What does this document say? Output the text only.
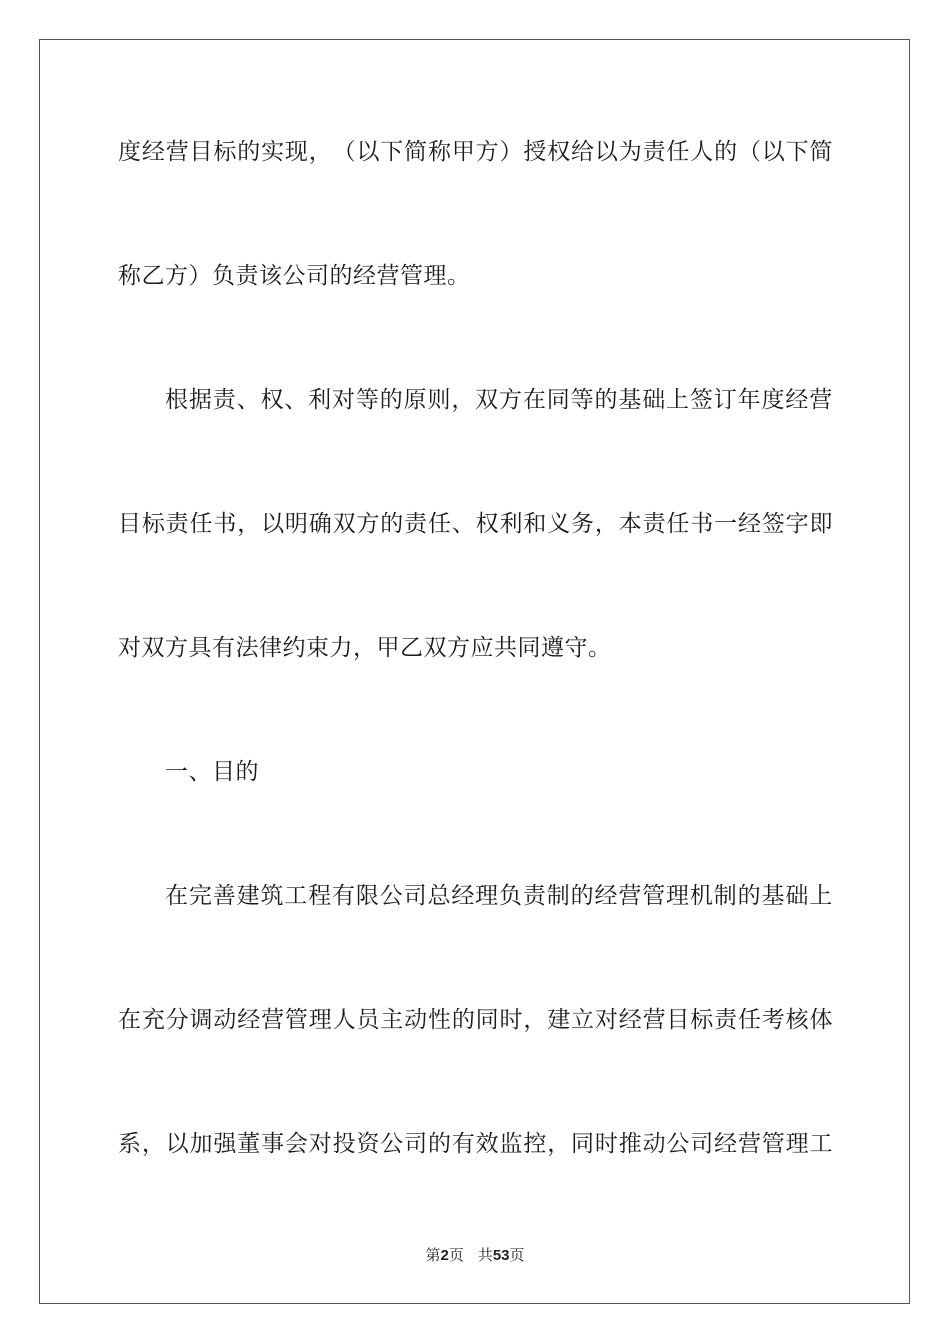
度 经 营 目 标 的 实 现 ， （ 以 下 简 称 甲 方 ） 授 权 给 以 为 责 任 人 的 （ 以 下 简
称乙方）负责该公司的经营管理。
根 据 责 、 权 、 利 对 等 的 原 则 ， 双 方 在 同 等 的 基 础 上 签 订 年 度 经 营
目 标 责 任 书 ， 以 明 确 双 方 的 责 任 、 权 利 和 义 务 ， 本 责 任 书 一 经 签 字 即
对双方具有法律约束力，甲乙双方应共同遵守。
一、目的
在 完 善 建 筑 工 程 有 限 公 司 总 经 理 负 责 制 的 经 营 管 理 机 制 的 基 础 上
在 充 分 调 动 经 营 管 理 人 员 主 动 性 的 同 时 ， 建 立 对 经 营 目 标 责 任 考 核 体
系 ， 以 加 强 董 事 会 对 投 资 公 司 的 有 效 监 控 ， 同 时 推 动 公 司 经 营 管 理 工
第2页 共53页
